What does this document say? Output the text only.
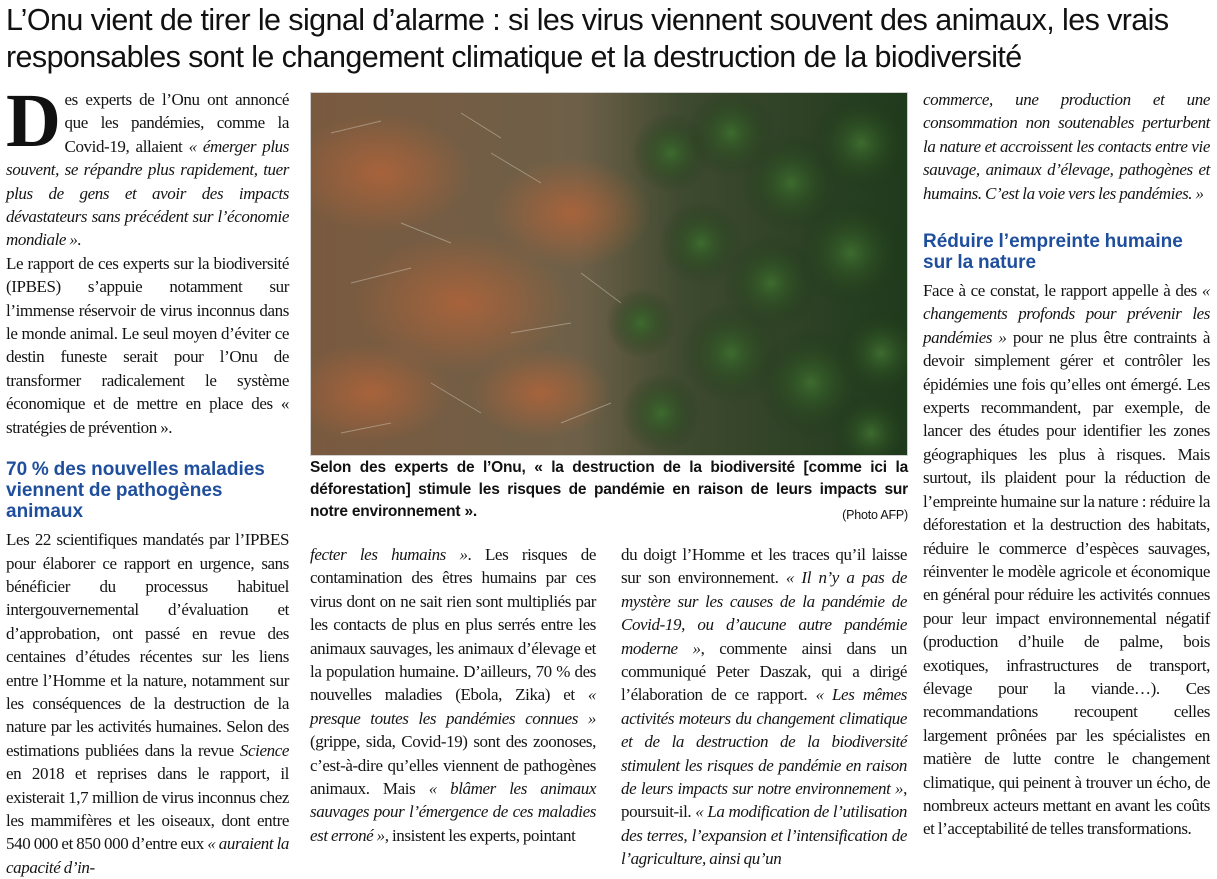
L’Onu vient de tirer le signal d’alarme : si les virus viennent souvent des animaux, les vrais responsables sont le changement climatique et la destruction de la biodiversité

Des experts de l’Onu ont annoncé que les pandémies, comme la Covid-19, allaient « émerger plus souvent, se répandre plus rapidement, tuer plus de gens et avoir des impacts dévastateurs sans précédent sur l’économie mondiale ».

Le rapport de ces experts sur la biodiversité (IPBES) s’appuie notamment sur l’immense réservoir de virus inconnus dans le monde animal. Le seul moyen d’éviter ce destin funeste serait pour l’Onu de transformer radicalement le système économique et de mettre en place des « stratégies de prévention ».

70 % des nouvelles maladies viennent de pathogènes animaux

Les 22 scientifiques mandatés par l’IPBES pour élaborer ce rapport en urgence, sans bénéficier du processus habituel intergouvernemental d’évaluation et d’approbation, ont passé en revue des centaines d’études récentes sur les liens entre l’Homme et la nature, notamment sur les conséquences de la destruction de la nature par les activités humaines. Selon des estimations publiées dans la revue Science en 2018 et reprises dans le rapport, il existerait 1,7 million de virus inconnus chez les mammifères et les oiseaux, dont entre 540 000 et 850 000 d’entre eux « auraient la capacité d’in-

Selon des experts de l’Onu, « la destruction de la biodiversité [comme ici la déforestation] stimule les risques de pandémie en raison de leurs impacts sur notre environnement ».	(Photo AFP)

fecter les humains ». Les risques de contamination des êtres humains par ces virus dont on ne sait rien sont multipliés par les contacts de plus en plus serrés entre les animaux sauvages, les animaux d’élevage et la population humaine. D’ailleurs, 70 % des nouvelles maladies (Ebola, Zika) et « presque toutes les pandémies connues » (grippe, sida, Covid-19) sont des zoonoses, c’est-à-dire qu’elles viennent de pathogènes animaux. Mais « blâmer les animaux sauvages pour l’émergence de ces maladies est erroné », insistent les experts, pointant

du doigt l’Homme et les traces qu’il laisse sur son environnement. « Il n’y a pas de mystère sur les causes de la pandémie de Covid-19, ou d’aucune autre pandémie moderne », commente ainsi dans un communiqué Peter Daszak, qui a dirigé l’élaboration de ce rapport. « Les mêmes activités moteurs du changement climatique et de la destruction de la biodiversité stimulent les risques de pandémie en raison de leurs impacts sur notre environnement », poursuit-il. « La modification de l’utilisation des terres, l’expansion et l’intensification de l’agriculture, ainsi qu’un

commerce, une production et une consommation non soutenables perturbent la nature et accroissent les contacts entre vie sauvage, animaux d’élevage, pathogènes et humains. C’est la voie vers les pandémies. »

Réduire l’empreinte humaine sur la nature

Face à ce constat, le rapport appelle à des « changements profonds pour prévenir les pandémies » pour ne plus être contraints à devoir simplement gérer et contrôler les épidémies une fois qu’elles ont émergé. Les experts recommandent, par exemple, de lancer des études pour identifier les zones géographiques les plus à risques. Mais surtout, ils plaident pour la réduction de l’empreinte humaine sur la nature : réduire la déforestation et la destruction des habitats, réduire le commerce d’espèces sauvages, réinventer le modèle agricole et économique en général pour réduire les activités connues pour leur impact environnemental négatif (production d’huile de palme, bois exotiques, infrastructures de transport, élevage pour la viande…). Ces recommandations recoupent celles largement prônées par les spécialistes en matière de lutte contre le changement climatique, qui peinent à trouver un écho, de nombreux acteurs mettant en avant les coûts et l’acceptabilité de telles transformations.
